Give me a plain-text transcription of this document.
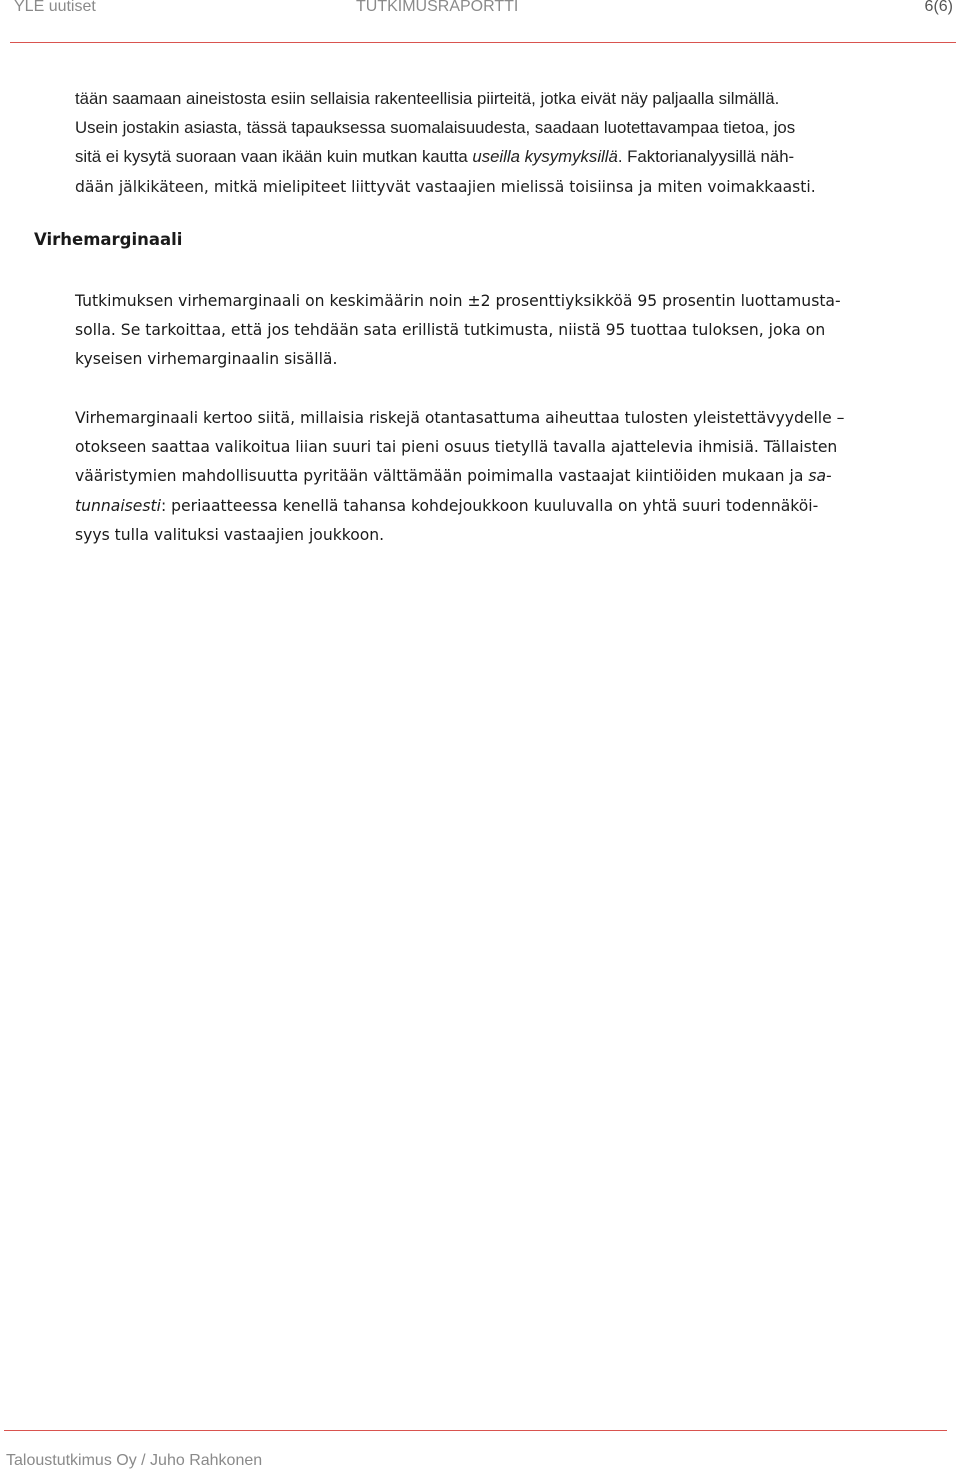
YLE uutiset	TUTKIMUSRAPORTTI	6(6)

tään saamaan aineistosta esiin sellaisia rakenteellisia piirteitä, jotka eivät näy paljaalla silmällä.
Usein jostakin asiasta, tässä tapauksessa suomalaisuudesta, saadaan luotettavampaa tietoa, jos
sitä ei kysytä suoraan vaan ikään kuin mutkan kautta useilla kysymyksillä. Faktorianalyysillä näh-
dään jälkikäteen, mitkä mielipiteet liittyvät vastaajien mielissä toisiinsa ja miten voimakkaasti.

Virhemarginaali

Tutkimuksen virhemarginaali on keskimäärin noin ±2 prosenttiyksikköä 95 prosentin luottamusta-
solla. Se tarkoittaa, että jos tehdään sata erillistä tutkimusta, niistä 95 tuottaa tuloksen, joka on
kyseisen virhemarginaalin sisällä.

Virhemarginaali kertoo siitä, millaisia riskejä otantasattuma aiheuttaa tulosten yleistettävyydelle –
otokseen saattaa valikoitua liian suuri tai pieni osuus tietyllä tavalla ajattelevia ihmisiä. Tällaisten
vääristymien mahdollisuutta pyritään välttämään poimimalla vastaajat kiintiöiden mukaan ja sa-
tunnaisesti: periaatteessa kenellä tahansa kohdejoukkoon kuuluvalla on yhtä suuri todennäköi-
syys tulla valituksi vastaajien joukkoon.

Taloustutkimus Oy / Juho Rahkonen
